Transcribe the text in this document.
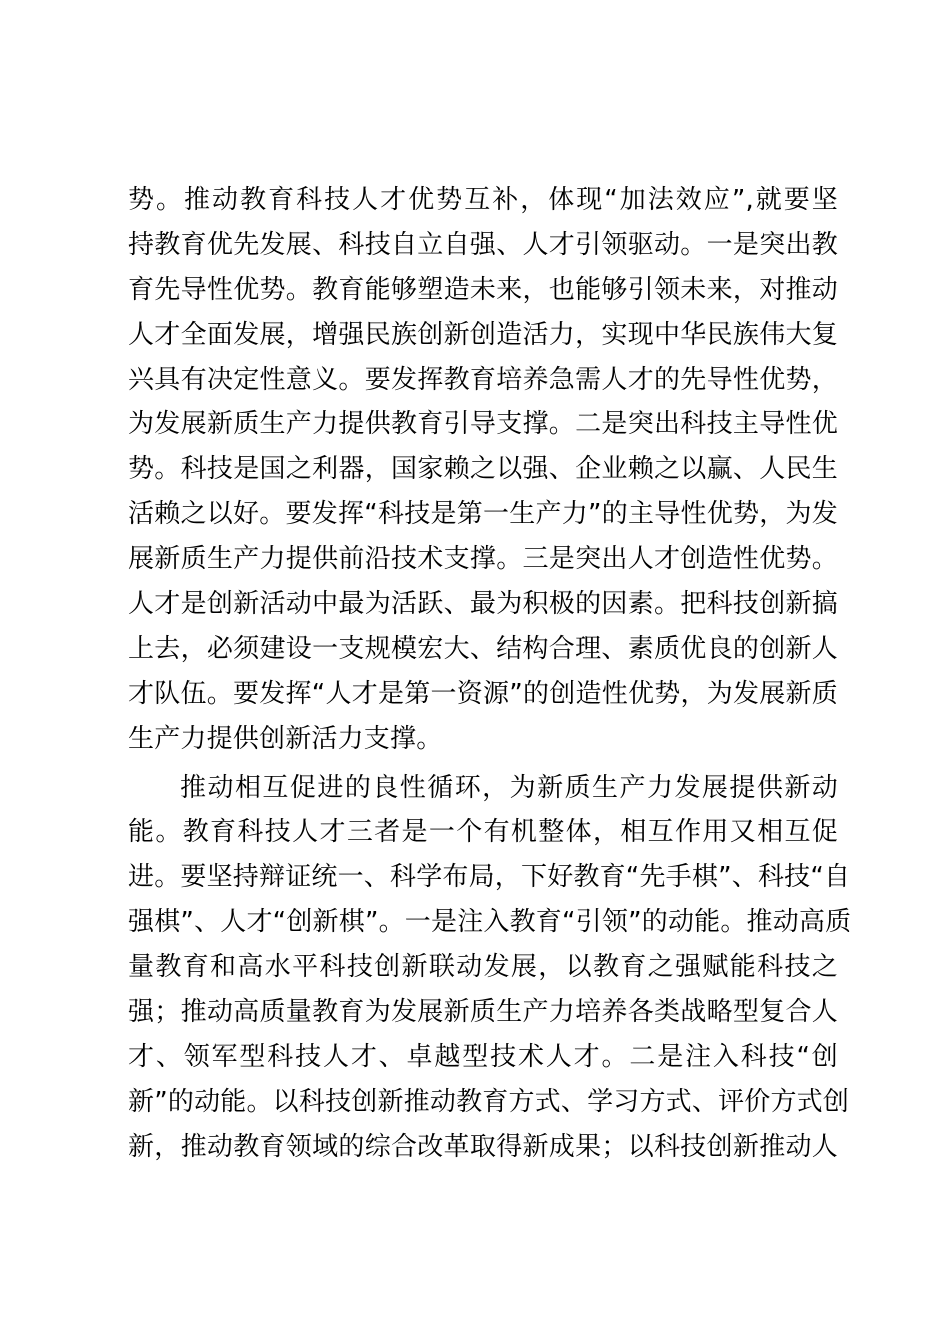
势。推动教育科技人才优势互补，体现“加法效应”,就要坚
持教育优先发展、科技自立自强、人才引领驱动。一是突出教
育先导性优势。教育能够塑造未来，也能够引领未来，对推动
人才全面发展，增强民族创新创造活力，实现中华民族伟大复
兴具有决定性意义。要发挥教育培养急需人才的先导性优势，
为发展新质生产力提供教育引导支撑。二是突出科技主导性优
势。科技是国之利器，国家赖之以强、企业赖之以赢、人民生
活赖之以好。要发挥“科技是第一生产力”的主导性优势，为发
展新质生产力提供前沿技术支撑。三是突出人才创造性优势。
人才是创新活动中最为活跃、最为积极的因素。把科技创新搞
上去，必须建设一支规模宏大、结构合理、素质优良的创新人
才队伍。要发挥“人才是第一资源”的创造性优势，为发展新质
生产力提供创新活力支撑。
推动相互促进的良性循环，为新质生产力发展提供新动
能。教育科技人才三者是一个有机整体，相互作用又相互促
进。要坚持辩证统一、科学布局，下好教育“先手棋”、科技“自
强棋”、人才“创新棋”。一是注入教育“引领”的动能。推动高质
量教育和高水平科技创新联动发展，以教育之强赋能科技之
强；推动高质量教育为发展新质生产力培养各类战略型复合人
才、领军型科技人才、卓越型技术人才。二是注入科技“创
新”的动能。以科技创新推动教育方式、学习方式、评价方式创
新，推动教育领域的综合改革取得新成果；以科技创新推动人
